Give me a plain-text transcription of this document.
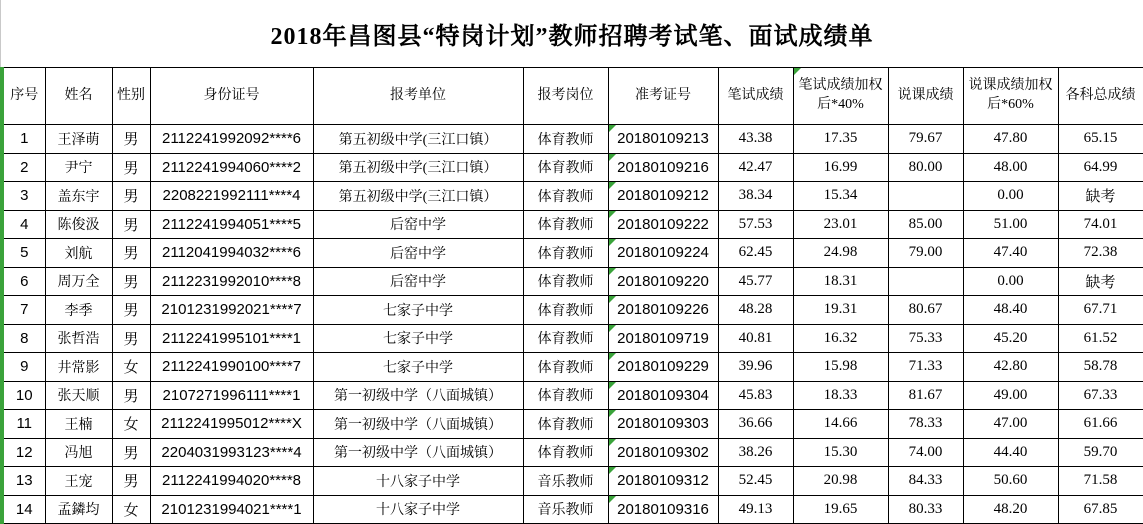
2018年昌图县“特岗计划”教师招聘考试笔、面试成绩单
序号	姓名	性别	身份证号	报考单位	报考岗位	准考证号	笔试成绩	笔试成绩加权后*40%	说课成绩	说课成绩加权后*60%	各科总成绩
1	王泽萌	男	2112241992092****6	第五初级中学(三江口镇）	体育教师	20180109213	43.38	17.35	79.67	47.80	65.15
2	尹宁	男	2112241994060****2	第五初级中学(三江口镇）	体育教师	20180109216	42.47	16.99	80.00	48.00	64.99
3	盖东宇	男	2208221992111****4	第五初级中学(三江口镇）	体育教师	20180109212	38.34	15.34		0.00	缺考
4	陈俊汲	男	2112241994051****5	后窑中学	体育教师	20180109222	57.53	23.01	85.00	51.00	74.01
5	刘航	男	2112041994032****6	后窑中学	体育教师	20180109224	62.45	24.98	79.00	47.40	72.38
6	周万全	男	2112231992010****8	后窑中学	体育教师	20180109220	45.77	18.31		0.00	缺考
7	李季	男	2101231992021****7	七家子中学	体育教师	20180109226	48.28	19.31	80.67	48.40	67.71
8	张哲浩	男	2112241995101****1	七家子中学	体育教师	20180109719	40.81	16.32	75.33	45.20	61.52
9	井常影	女	2112241990100****7	七家子中学	体育教师	20180109229	39.96	15.98	71.33	42.80	58.78
10	张天顺	男	2107271996111****1	第一初级中学（八面城镇）	体育教师	20180109304	45.83	18.33	81.67	49.00	67.33
11	王楠	女	2112241995012****X	第一初级中学（八面城镇）	体育教师	20180109303	36.66	14.66	78.33	47.00	61.66
12	冯旭	男	2204031993123****4	第一初级中学（八面城镇）	体育教师	20180109302	38.26	15.30	74.00	44.40	59.70
13	王宠	男	2112241994020****8	十八家子中学	音乐教师	20180109312	52.45	20.98	84.33	50.60	71.58
14	孟鏻均	女	2101231994021****1	十八家子中学	音乐教师	20180109316	49.13	19.65	80.33	48.20	67.85
